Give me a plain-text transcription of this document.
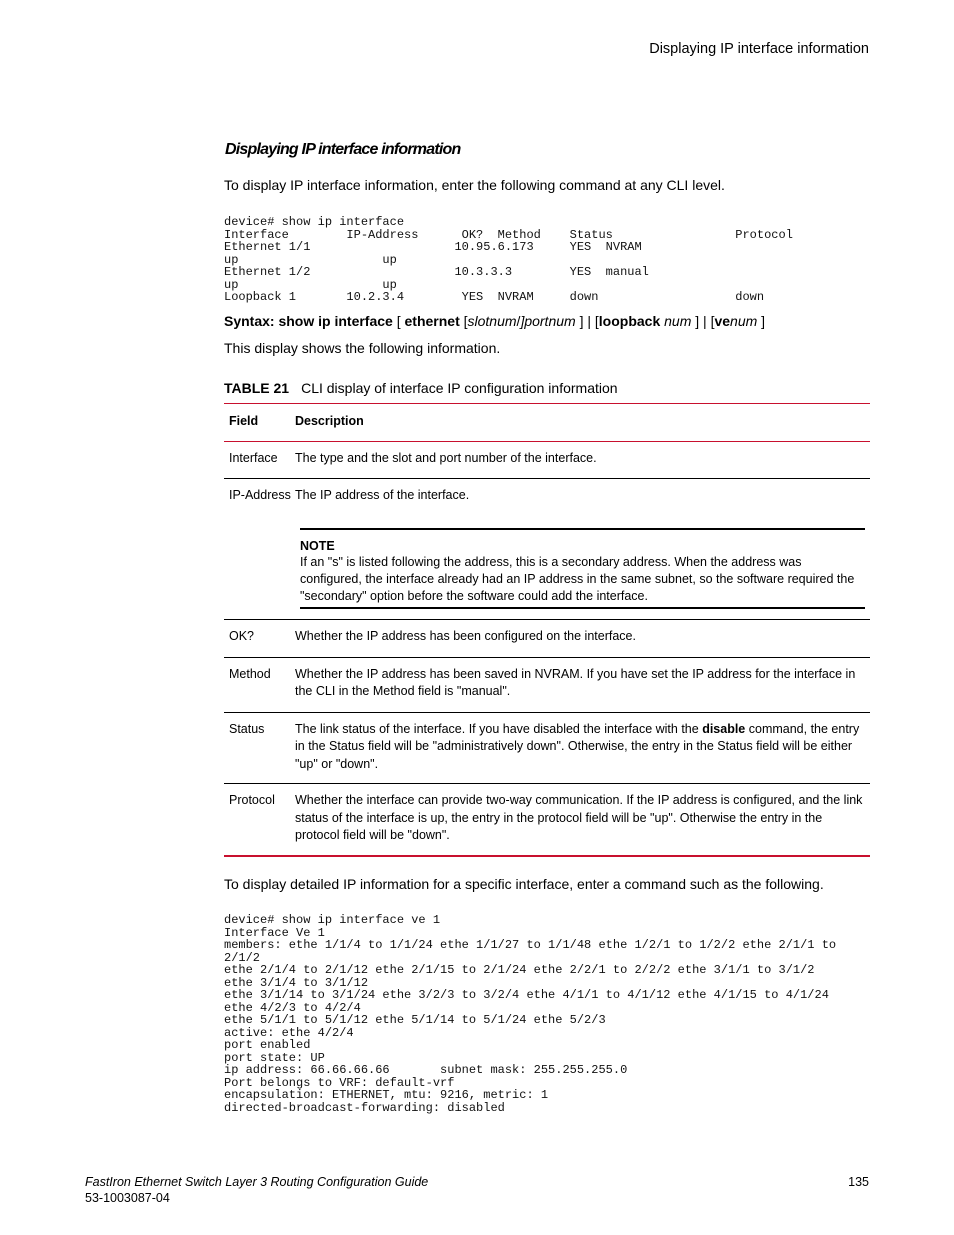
Displaying IP interface information
Displaying IP interface information
To display IP interface information, enter the following command at any CLI level.
device# show ip interface
Interface        IP-Address      OK?  Method    Status                 Protocol
Ethernet 1/1                    10.95.6.173     YES  NVRAM
up                    up
Ethernet 1/2                    10.3.3.3        YES  manual
up                    up
Loopback 1       10.2.3.4        YES  NVRAM     down                   down
Syntax: show ip interface [ ethernet [slotnum/]portnum ] | [loopback num ] | [venum ]
This display shows the following information.
TABLE 21 CLI display of interface IP configuration information
Field	Description
Interface	The type and the slot and port number of the interface.
IP-Address The IP address of the interface.
NOTE
If an "s" is listed following the address, this is a secondary address. When the address was configured, the interface already had an IP address in the same subnet, so the software required the "secondary" option before the software could add the interface.
OK?	Whether the IP address has been configured on the interface.
Method	Whether the IP address has been saved in NVRAM. If you have set the IP address for the interface in the CLI in the Method field is "manual".
Status	The link status of the interface. If you have disabled the interface with the disable command, the entry in the Status field will be "administratively down". Otherwise, the entry in the Status field will be either "up" or "down".
Protocol	Whether the interface can provide two-way communication. If the IP address is configured, and the link status of the interface is up, the entry in the protocol field will be "up". Otherwise the entry in the protocol field will be "down".
To display detailed IP information for a specific interface, enter a command such as the following.
device# show ip interface ve 1
Interface Ve 1
members: ethe 1/1/4 to 1/1/24 ethe 1/1/27 to 1/1/48 ethe 1/2/1 to 1/2/2 ethe 2/1/1 to
2/1/2
ethe 2/1/4 to 2/1/12 ethe 2/1/15 to 2/1/24 ethe 2/2/1 to 2/2/2 ethe 3/1/1 to 3/1/2
ethe 3/1/4 to 3/1/12
ethe 3/1/14 to 3/1/24 ethe 3/2/3 to 3/2/4 ethe 4/1/1 to 4/1/12 ethe 4/1/15 to 4/1/24
ethe 4/2/3 to 4/2/4
ethe 5/1/1 to 5/1/12 ethe 5/1/14 to 5/1/24 ethe 5/2/3
active: ethe 4/2/4
port enabled
port state: UP
ip address: 66.66.66.66       subnet mask: 255.255.255.0
Port belongs to VRF: default-vrf
encapsulation: ETHERNET, mtu: 9216, metric: 1
directed-broadcast-forwarding: disabled
FastIron Ethernet Switch Layer 3 Routing Configuration Guide
53-1003087-04
135
